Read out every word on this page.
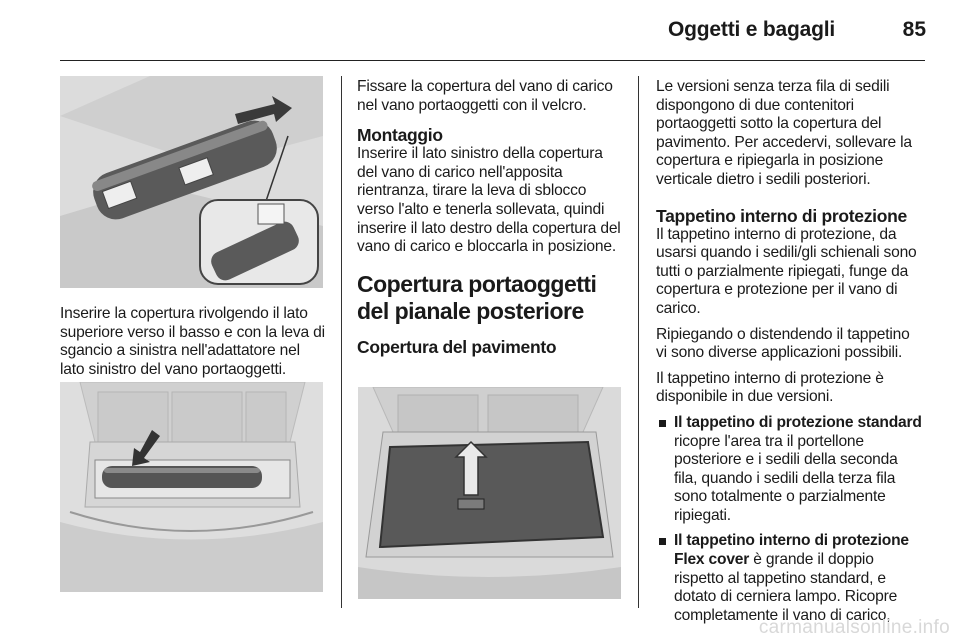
Oggetti e bagagli	85
Inserire la copertura rivolgendo il lato superiore verso il basso e con la leva di sgancio a sinistra nell'adattatore nel lato sinistro del vano portaoggetti.

Fissare la copertura del vano di carico nel vano portaoggetti con il velcro.

Montaggio

Inserire il lato sinistro della copertura del vano di carico nell'apposita rientranza, tirare la leva di sblocco verso l'alto e tenerla sollevata, quindi inserire il lato destro della copertura del vano di carico e bloccarla in posizione.

Copertura portaoggetti del pianale posteriore
Copertura del pavimento

Le versioni senza terza fila di sedili dispongono di due contenitori portaoggetti sotto la copertura del pavimento. Per accedervi, sollevare la copertura e ripiegarla in posizione verticale dietro i sedili posteriori.

Tappetino interno di protezione

Il tappetino interno di protezione, da usarsi quando i sedili/gli schienali sono tutti o parzialmente ripiegati, funge da copertura e protezione per il vano di carico.

Ripiegando o distendendo il tappetino vi sono diverse applicazioni possibili.

Il tappetino interno di protezione è disponibile in due versioni.

Il tappetino di protezione standard ricopre l'area tra il portellone posteriore e i sedili della seconda fila, quando i sedili della terza fila sono totalmente o parzialmente ripiegati.
Il tappetino interno di protezione Flex cover è grande il doppio rispetto al tappetino standard, e dotato di cerniera lampo. Ricopre completamente il vano di carico,
carmanualsonline.info
